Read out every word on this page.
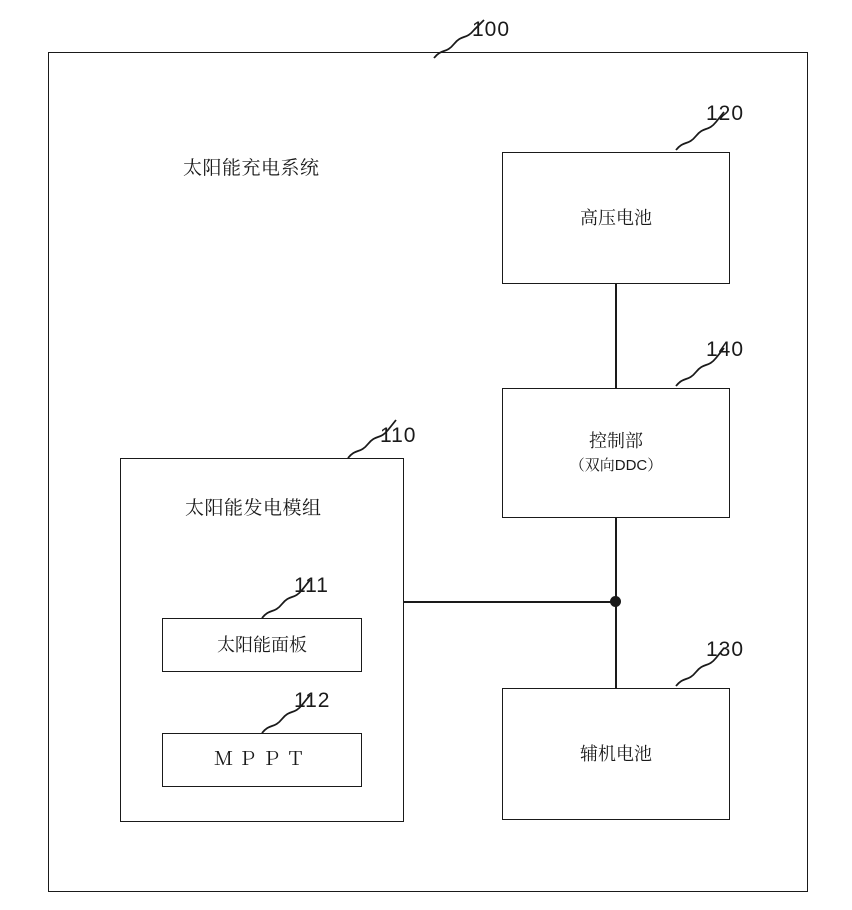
100
太阳能充电系统
高压电池
120
控制部
（双向DDC）
140
辅机电池
130
太阳能发电模组
110
太阳能面板
111
ＭＰＰＴ
112
